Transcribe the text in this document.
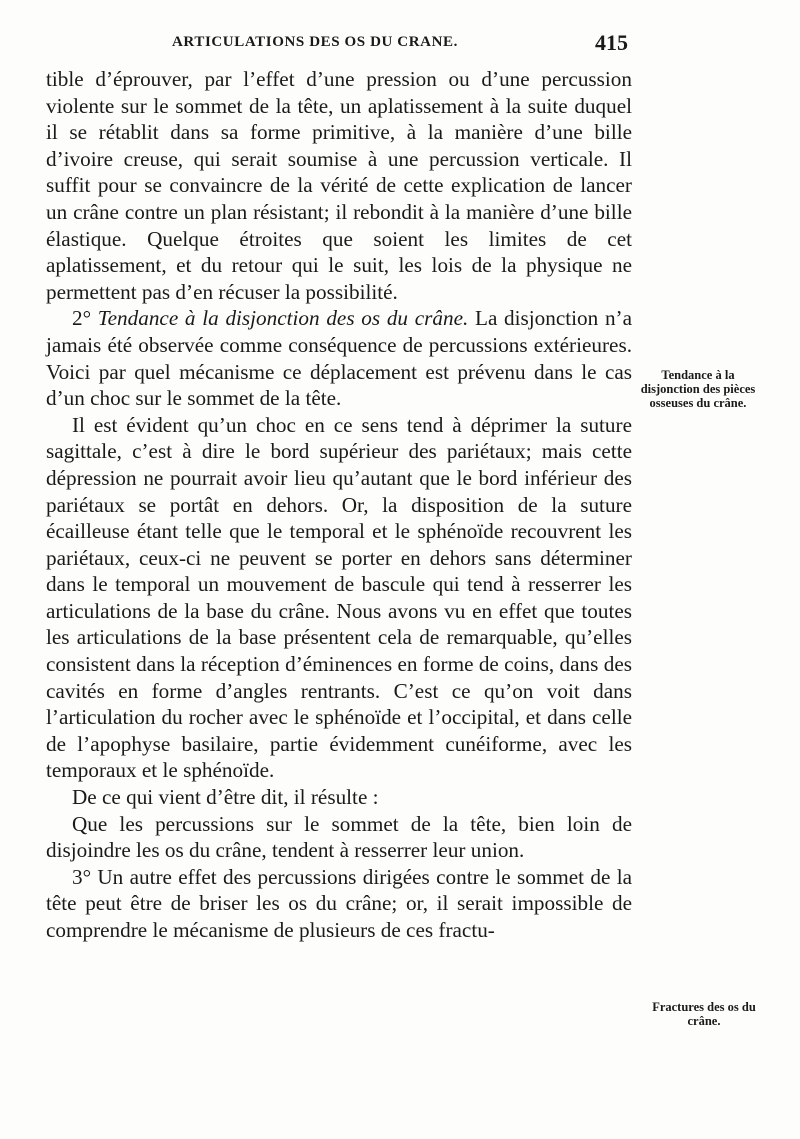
ARTICULATIONS DES OS DU CRANE.	415

tible d’éprouver, par l’effet d’une pression ou d’une percussion violente sur le sommet de la tête, un aplatissement à la suite duquel il se rétablit dans sa forme primitive, à la manière d’une bille d’ivoire creuse, qui serait soumise à une percussion verticale. Il suffit pour se convaincre de la vérité de cette explication de lancer un crâne contre un plan résistant; il rebondit à la manière d’une bille élastique. Quelque étroites que soient les limites de cet aplatissement, et du retour qui le suit, les lois de la physique ne permettent pas d’en récuser la possibilité.

2° Tendance à la disjonction des os du crâne. La disjonction n’a jamais été observée comme conséquence de percussions extérieures. Voici par quel mécanisme ce déplacement est prévenu dans le cas d’un choc sur le sommet de la tête.

Il est évident qu’un choc en ce sens tend à déprimer la suture sagittale, c’est à dire le bord supérieur des pariétaux; mais cette dépression ne pourrait avoir lieu qu’autant que le bord inférieur des pariétaux se portât en dehors. Or, la disposition de la suture écailleuse étant telle que le temporal et le sphénoïde recouvrent les pariétaux, ceux-ci ne peuvent se porter en dehors sans déterminer dans le temporal un mouvement de bascule qui tend à resserrer les articulations de la base du crâne. Nous avons vu en effet que toutes les articulations de la base présentent cela de remarquable, qu’elles consistent dans la réception d’éminences en forme de coins, dans des cavités en forme d’angles rentrants. C’est ce qu’on voit dans l’articulation du rocher avec le sphénoïde et l’occipital, et dans celle de l’apophyse basilaire, partie évidemment cunéiforme, avec les temporaux et le sphénoïde.

De ce qui vient d’être dit, il résulte :

Que les percussions sur le sommet de la tête, bien loin de disjoindre les os du crâne, tendent à resserrer leur union.

3° Un autre effet des percussions dirigées contre le sommet de la tête peut être de briser les os du crâne; or, il serait impossible de comprendre le mécanisme de plusieurs de ces fractu-

Tendance à la disjonction des pièces osseuses du crâne.
Fractures des os du crâne.
